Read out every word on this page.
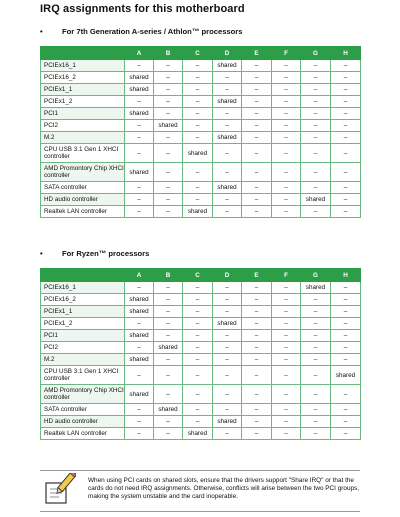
IRQ assignments for this motherboard
•	For 7th Generation A-series / Athlon™ processors
	A	B	C	D	E	F	G	H
PCIEx16_1	–	–	–	shared	–	–	–	–
PCIEx16_2	shared	–	–	–	–	–	–	–
PCIEx1_1	shared	–	–	–	–	–	–	–
PCIEx1_2	–	–	–	shared	–	–	–	–
PCI1	shared	–	–	–	–	–	–	–
PCI2	–	shared	–	–	–	–	–	–
M.2	–	–	–	shared	–	–	–	–
CPU USB 3.1 Gen 1 XHCI controller	–	–	shared	–	–	–	–	–
AMD Promontory Chip XHCI controller	shared	–	–	–	–	–	–	–
SATA controller	–	–	–	shared	–	–	–	–
HD audio controller	–	–	–	–	–	–	shared	–
Realtek LAN controller	–	–	shared	–	–	–	–	–
•	For Ryzen™ processors
	A	B	C	D	E	F	G	H
PCIEx16_1	–	–	–	–	–	–	shared	–
PCIEx16_2	shared	–	–	–	–	–	–	–
PCIEx1_1	shared	–	–	–	–	–	–	–
PCIEx1_2	–	–	–	shared	–	–	–	–
PCI1	shared	–	–	–	–	–	–	–
PCI2	–	shared	–	–	–	–	–	–
M.2	shared	–	–	–	–	–	–	–
CPU USB 3.1 Gen 1 XHCI controller	–	–	–	–	–	–	–	shared
AMD Promontory Chip XHCI controller	shared	–	–	–	–	–	–	–
SATA controller	–	shared	–	–	–	–	–	–
HD audio controller	–	–	–	shared	–	–	–	–
Realtek LAN controller	–	–	shared	–	–	–	–	–
When using PCI cards on shared slots, ensure that the drivers support "Share IRQ" or that the cards do not need IRQ assignments. Otherwise, conflicts will arise between the two PCI groups, making the system unstable and the card inoperable.
